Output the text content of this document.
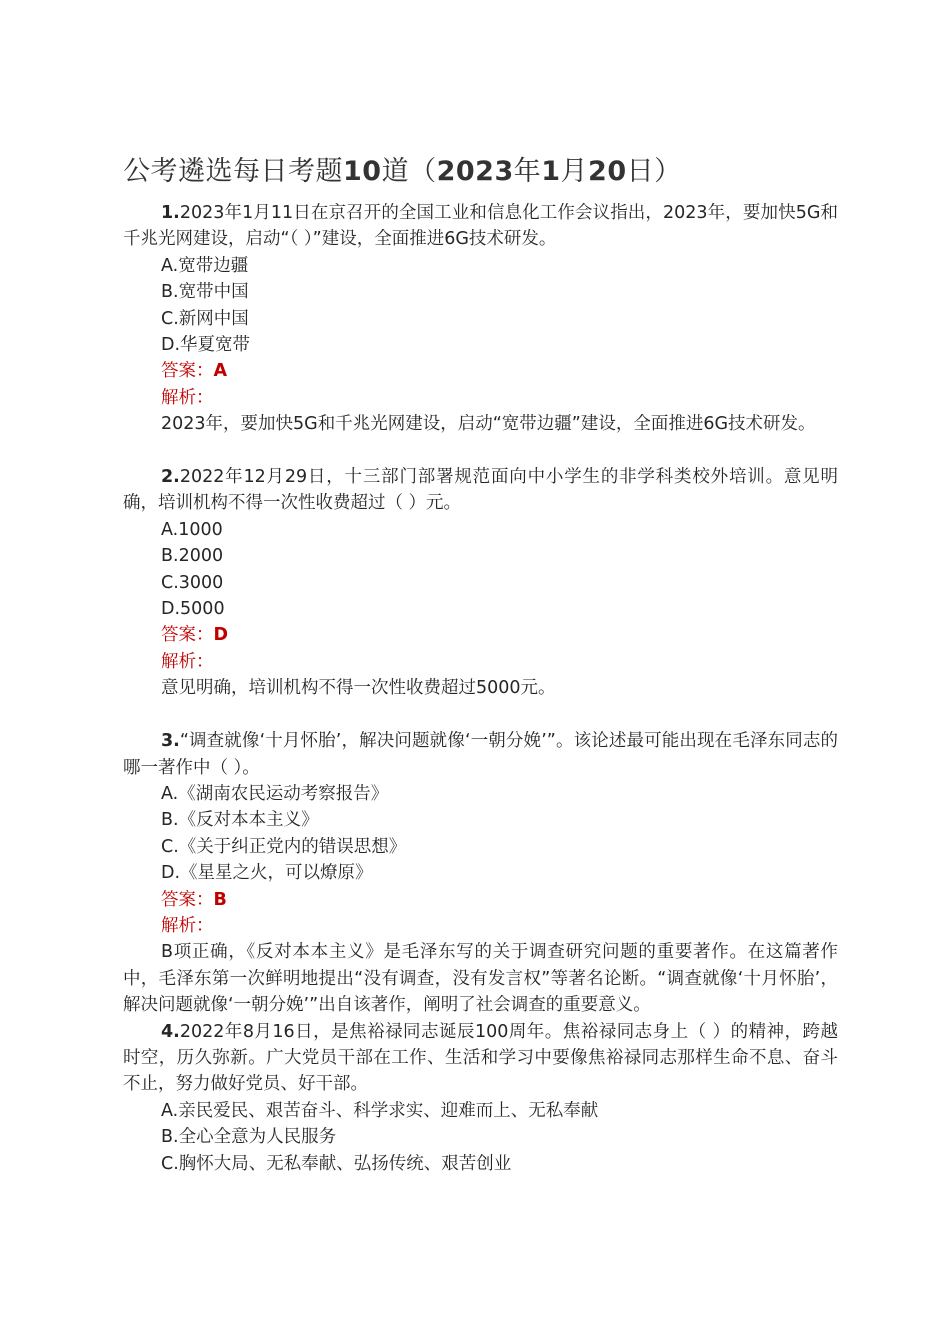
公考遴选每日考题10道（2023年1月20日）

1.2023年1月11日在京召开的全国工业和信息化工作会议指出，2023年，要加快5G和千兆光网建设，启动“（ ）”建设，全面推进6G技术研发。

A.宽带边疆

B.宽带中国

C.新网中国

D.华夏宽带

答案：A

解析：

2023年，要加快5G和千兆光网建设，启动“宽带边疆”建设，全面推进6G技术研发。

2.2022年12月29日，十三部门部署规范面向中小学生的非学科类校外培训。意见明确，培训机构不得一次性收费超过（ ）元。

A.1000

B.2000

C.3000

D.5000

答案：D

解析：

意见明确，培训机构不得一次性收费超过5000元。

3.“调查就像‘十月怀胎’，解决问题就像‘一朝分娩’”。该论述最可能出现在毛泽东同志的哪一著作中（ ）。

A.《湖南农民运动考察报告》

B.《反对本本主义》

C.《关于纠正党内的错误思想》

D.《星星之火，可以燎原》

答案：B

解析：

B项正确，《反对本本主义》是毛泽东写的关于调查研究问题的重要著作。在这篇著作中，毛泽东第一次鲜明地提出“没有调查，没有发言权”等著名论断。“调查就像‘十月怀胎’，解决问题就像‘一朝分娩’”出自该著作，阐明了社会调查的重要意义。

4.2022年8月16日，是焦裕禄同志诞辰100周年。焦裕禄同志身上（ ）的精神，跨越时空，历久弥新。广大党员干部在工作、生活和学习中要像焦裕禄同志那样生命不息、奋斗不止，努力做好党员、好干部。

A.亲民爱民、艰苦奋斗、科学求实、迎难而上、无私奉献

B.全心全意为人民服务

C.胸怀大局、无私奉献、弘扬传统、艰苦创业
